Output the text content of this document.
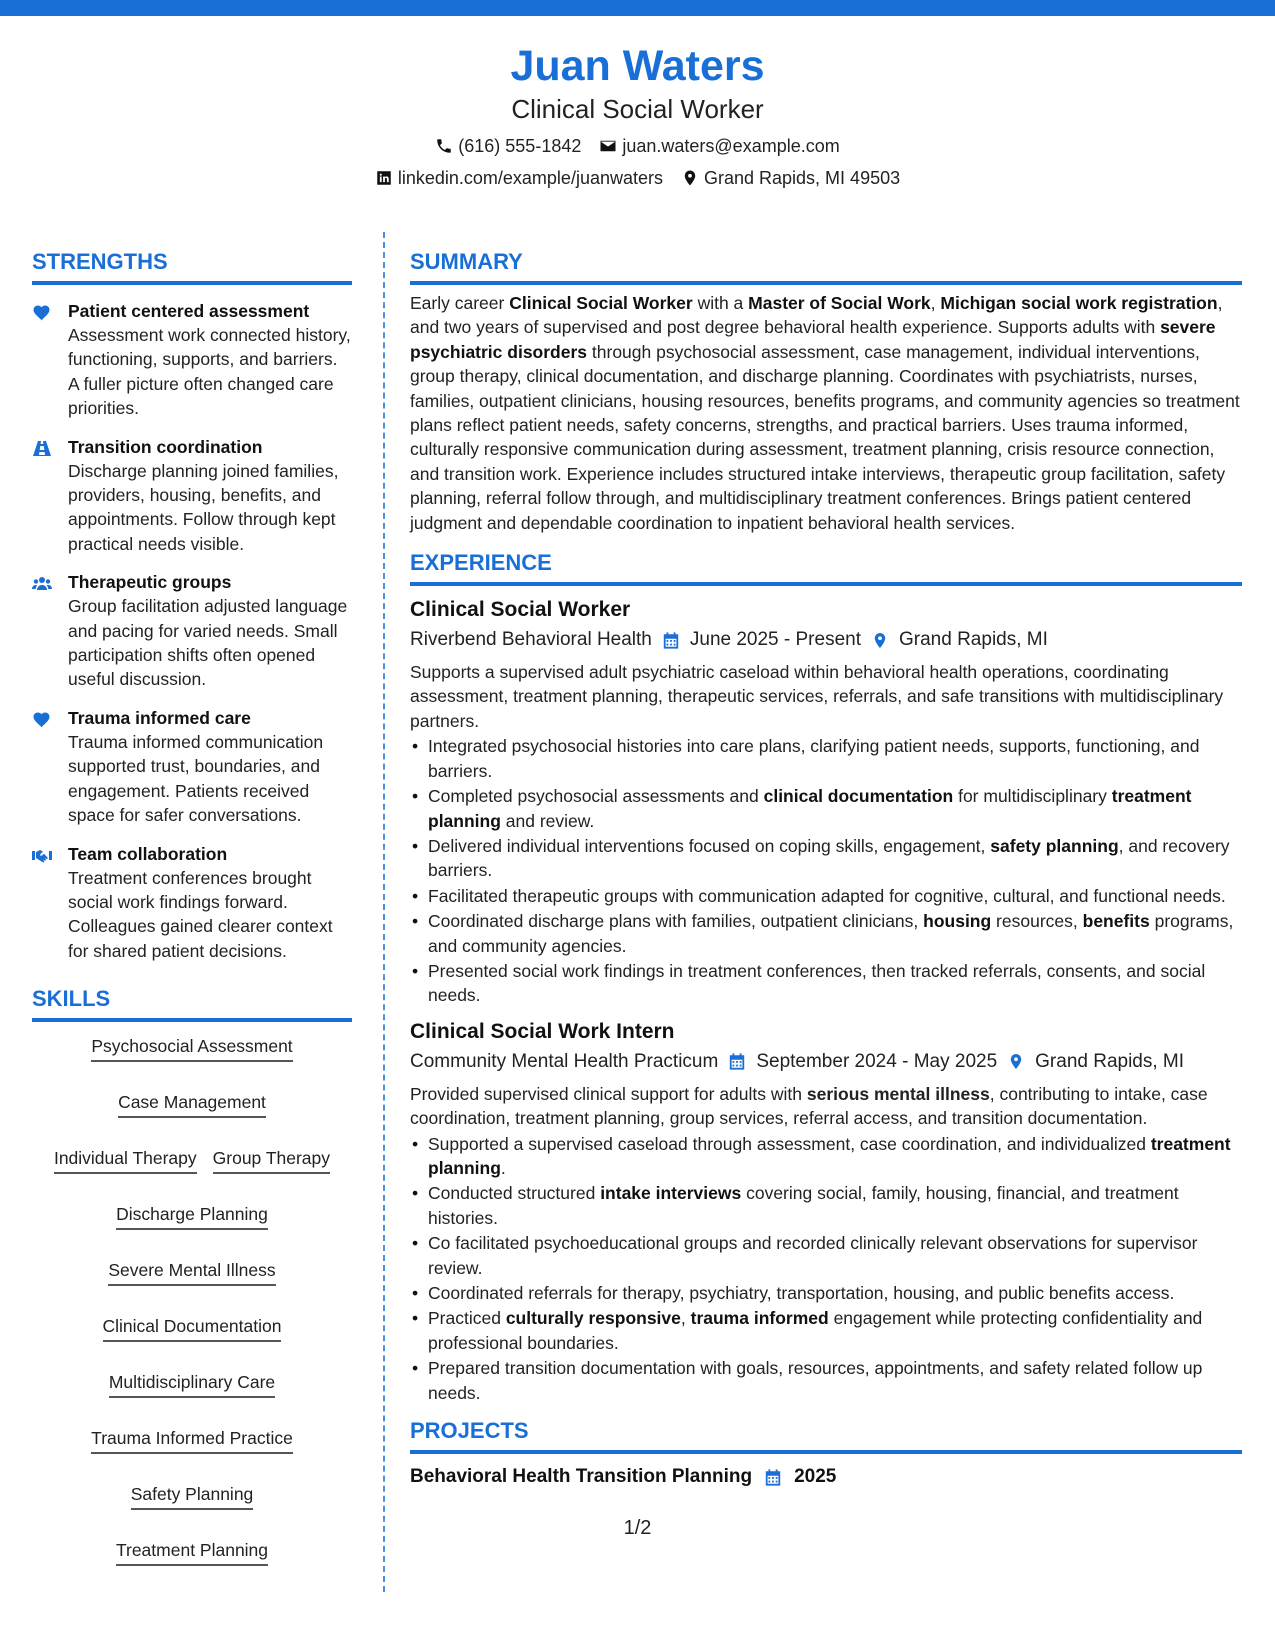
Juan Waters
Clinical Social Worker
(616) 555-1842 juan.waters@example.com
linkedin.com/example/juanwaters Grand Rapids, MI 49503
STRENGTHS
Patient centered assessment
Assessment work connected history, functioning, supports, and barriers. A fuller picture often changed care priorities.
Transition coordination
Discharge planning joined families, providers, housing, benefits, and appointments. Follow through kept practical needs visible.
Therapeutic groups
Group facilitation adjusted language and pacing for varied needs. Small participation shifts often opened useful discussion.
Trauma informed care
Trauma informed communication supported trust, boundaries, and engagement. Patients received space for safer conversations.
Team collaboration
Treatment conferences brought social work findings forward. Colleagues gained clearer context for shared patient decisions.
SKILLS
Psychosocial Assessment
Case Management
Individual Therapy Group Therapy
Discharge Planning
Severe Mental Illness
Clinical Documentation
Multidisciplinary Care
Trauma Informed Practice
Safety Planning
Treatment Planning
SUMMARY

Early career Clinical Social Worker with a Master of Social Work, Michigan social work registration, and two years of supervised and post degree behavioral health experience. Supports adults with severe psychiatric disorders through psychosocial assessment, case management, individual interventions, group therapy, clinical documentation, and discharge planning. Coordinates with psychiatrists, nurses, families, outpatient clinicians, housing resources, benefits programs, and community agencies so treatment plans reflect patient needs, safety concerns, strengths, and practical barriers. Uses trauma informed, culturally responsive communication during assessment, treatment planning, crisis resource connection, and transition work. Experience includes structured intake interviews, therapeutic group facilitation, safety planning, referral follow through, and multidisciplinary treatment conferences. Brings patient centered judgment and dependable coordination to inpatient behavioral health services.

EXPERIENCE
Clinical Social Worker
Riverbend Behavioral Health June 2025 - Present Grand Rapids, MI

Supports a supervised adult psychiatric caseload within behavioral health operations, coordinating assessment, treatment planning, therapeutic services, referrals, and safe transitions with multidisciplinary partners.

• Integrated psychosocial histories into care plans, clarifying patient needs, supports, functioning, and barriers.
• Completed psychosocial assessments and clinical documentation for multidisciplinary treatment planning and review.
• Delivered individual interventions focused on coping skills, engagement, safety planning, and recovery barriers.
• Facilitated therapeutic groups with communication adapted for cognitive, cultural, and functional needs.
• Coordinated discharge plans with families, outpatient clinicians, housing resources, benefits programs, and community agencies.
• Presented social work findings in treatment conferences, then tracked referrals, consents, and social needs.
Clinical Social Work Intern
Community Mental Health Practicum September 2024 - May 2025 Grand Rapids, MI

Provided supervised clinical support for adults with serious mental illness, contributing to intake, case coordination, treatment planning, group services, referral access, and transition documentation.

• Supported a supervised caseload through assessment, case coordination, and individualized treatment planning.
• Conducted structured intake interviews covering social, family, housing, financial, and treatment histories.
• Co facilitated psychoeducational groups and recorded clinically relevant observations for supervisor review.
• Coordinated referrals for therapy, psychiatry, transportation, housing, and public benefits access.
• Practiced culturally responsive, trauma informed engagement while protecting confidentiality and professional boundaries.
• Prepared transition documentation with goals, resources, appointments, and safety related follow up needs.
PROJECTS
Behavioral Health Transition Planning 2025
1/2
